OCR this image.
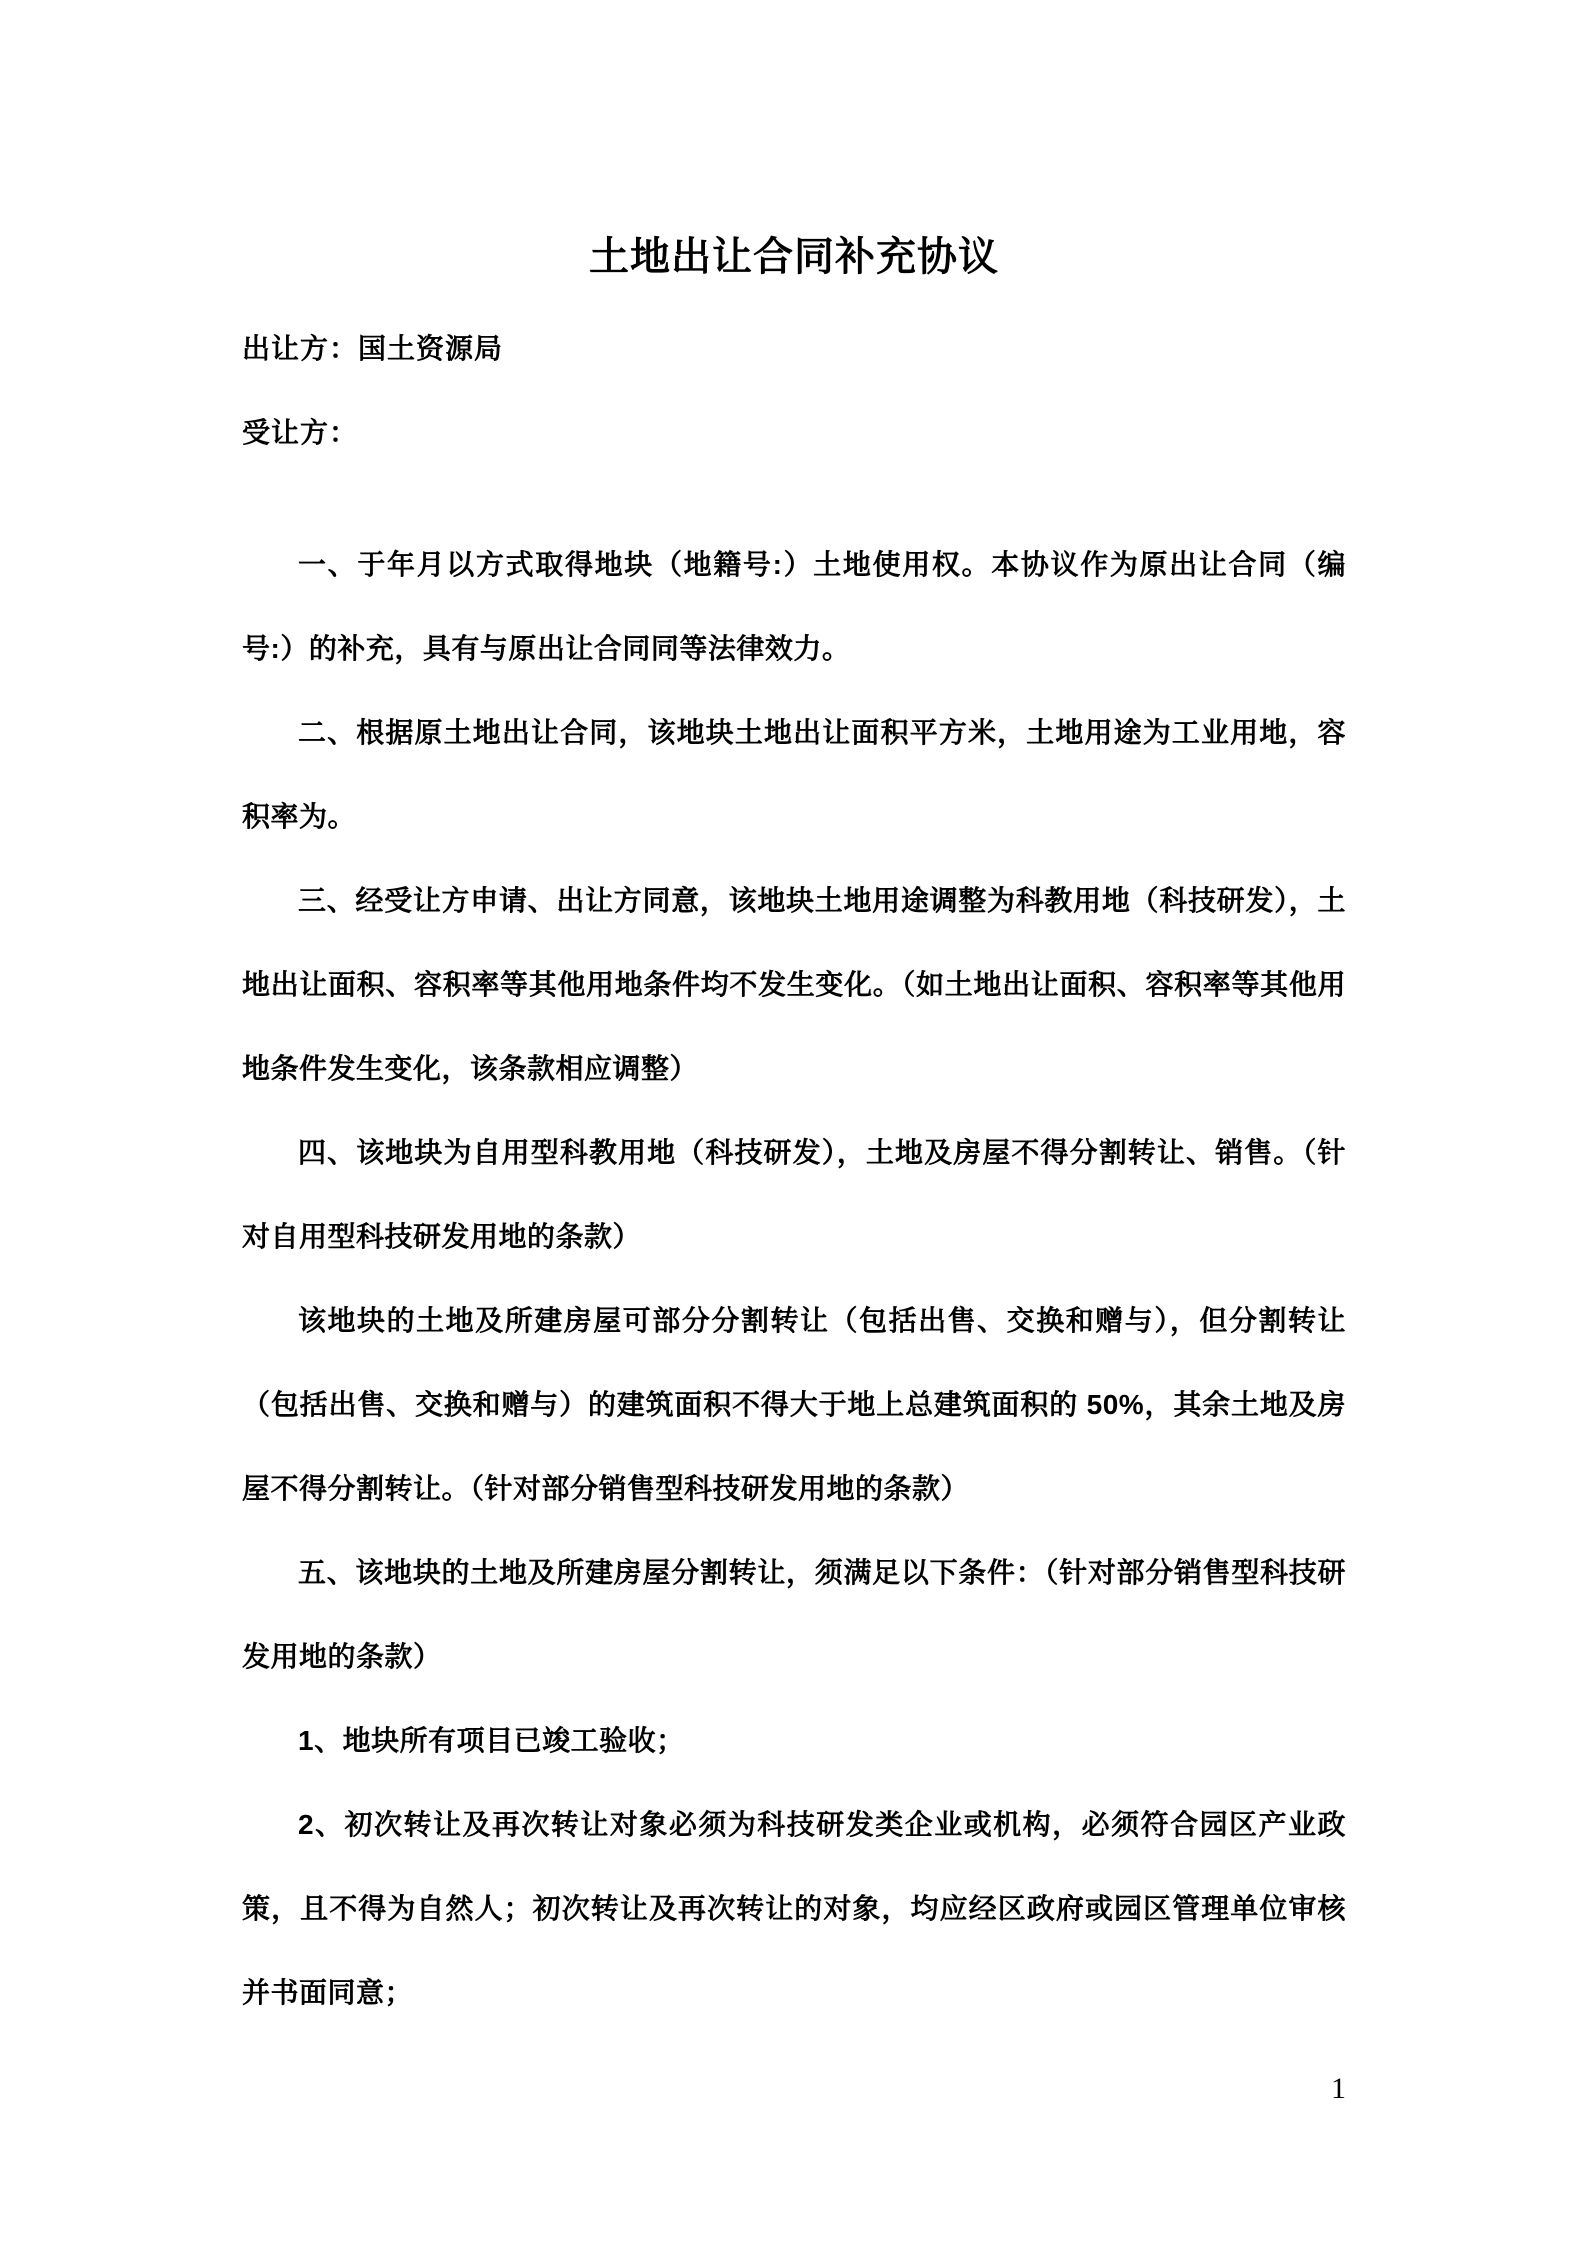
土地出让合同补充协议

出让方：国土资源局

受让方：

一、于年月以方式取得地块（地籍号:）土地使用权。本协议作为原出让合同（编号:）的补充，具有与原出让合同同等法律效力。

二、根据原土地出让合同，该地块土地出让面积平方米，土地用途为工业用地，容积率为。

三、经受让方申请、出让方同意，该地块土地用途调整为科教用地（科技研发），土地出让面积、容积率等其他用地条件均不发生变化。（如土地出让面积、容积率等其他用地条件发生变化，该条款相应调整）

四、该地块为自用型科教用地（科技研发），土地及房屋不得分割转让、销售。（针对自用型科技研发用地的条款）

该地块的土地及所建房屋可部分分割转让（包括出售、交换和赠与），但分割转让（包括出售、交换和赠与）的建筑面积不得大于地上总建筑面积的 50%，其余土地及房屋不得分割转让。（针对部分销售型科技研发用地的条款）

五、该地块的土地及所建房屋分割转让，须满足以下条件：（针对部分销售型科技研发用地的条款）

1、地块所有项目已竣工验收；

2、初次转让及再次转让对象必须为科技研发类企业或机构，必须符合园区产业政策，且不得为自然人；初次转让及再次转让的对象，均应经区政府或园区管理单位审核并书面同意；

1
